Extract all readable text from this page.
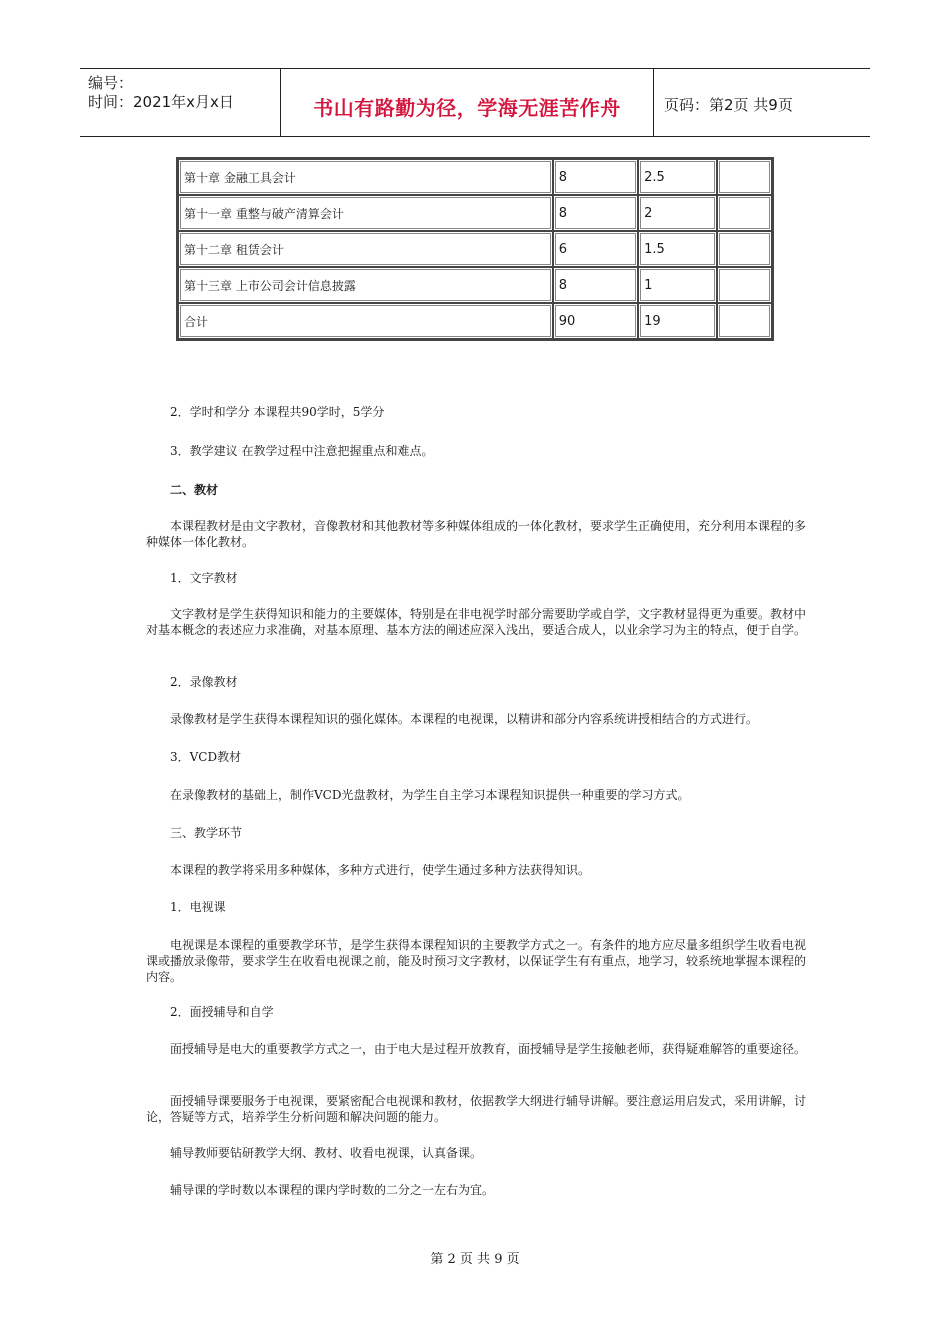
编号：
时间：2021年x月x日	书山有路勤为径，学海无涯苦作舟	页码：第2页 共9页
第十章 金融工具会计	8	2.5	
第十一章 重整与破产清算会计	8	2	
第十二章 租赁会计	6	1.5	
第十三章 上市公司会计信息披露	8	1	
合计	90	19	
2．学时和学分 本课程共90学时，5学分
3．教学建议 在教学过程中注意把握重点和难点。
二、教材
本课程教材是由文字教材，音像教材和其他教材等多种媒体组成的一体化教材，要求学生正确使用，充分利用本课程的多种媒体一体化教材。
1．文字教材
文字教材是学生获得知识和能力的主要媒体，特别是在非电视学时部分需要助学或自学，文字教材显得更为重要。教材中对基本概念的表述应力求准确，对基本原理、基本方法的阐述应深入浅出，要适合成人，以业余学习为主的特点，便于自学。
2．录像教材
录像教材是学生获得本课程知识的强化媒体。本课程的电视课，以精讲和部分内容系统讲授相结合的方式进行。
3．VCD教材
在录像教材的基础上，制作VCD光盘教材，为学生自主学习本课程知识提供一种重要的学习方式。
三、教学环节
本课程的教学将采用多种媒体，多种方式进行，使学生通过多种方法获得知识。
1．电视课
电视课是本课程的重要教学环节，是学生获得本课程知识的主要教学方式之一。有条件的地方应尽量多组织学生收看电视课或播放录像带，要求学生在收看电视课之前，能及时预习文字教材，以保证学生有有重点，地学习，较系统地掌握本课程的内容。
2．面授辅导和自学
面授辅导是电大的重要教学方式之一，由于电大是过程开放教育，面授辅导是学生接触老师，获得疑难解答的重要途径。
面授辅导课要服务于电视课，要紧密配合电视课和教材，依据教学大纲进行辅导讲解。要注意运用启发式，采用讲解，讨论，答疑等方式，培养学生分析问题和解决问题的能力。
辅导教师要钻研教学大纲、教材、收看电视课，认真备课。
辅导课的学时数以本课程的课内学时数的二分之一左右为宜。
第 2 页 共 9 页
